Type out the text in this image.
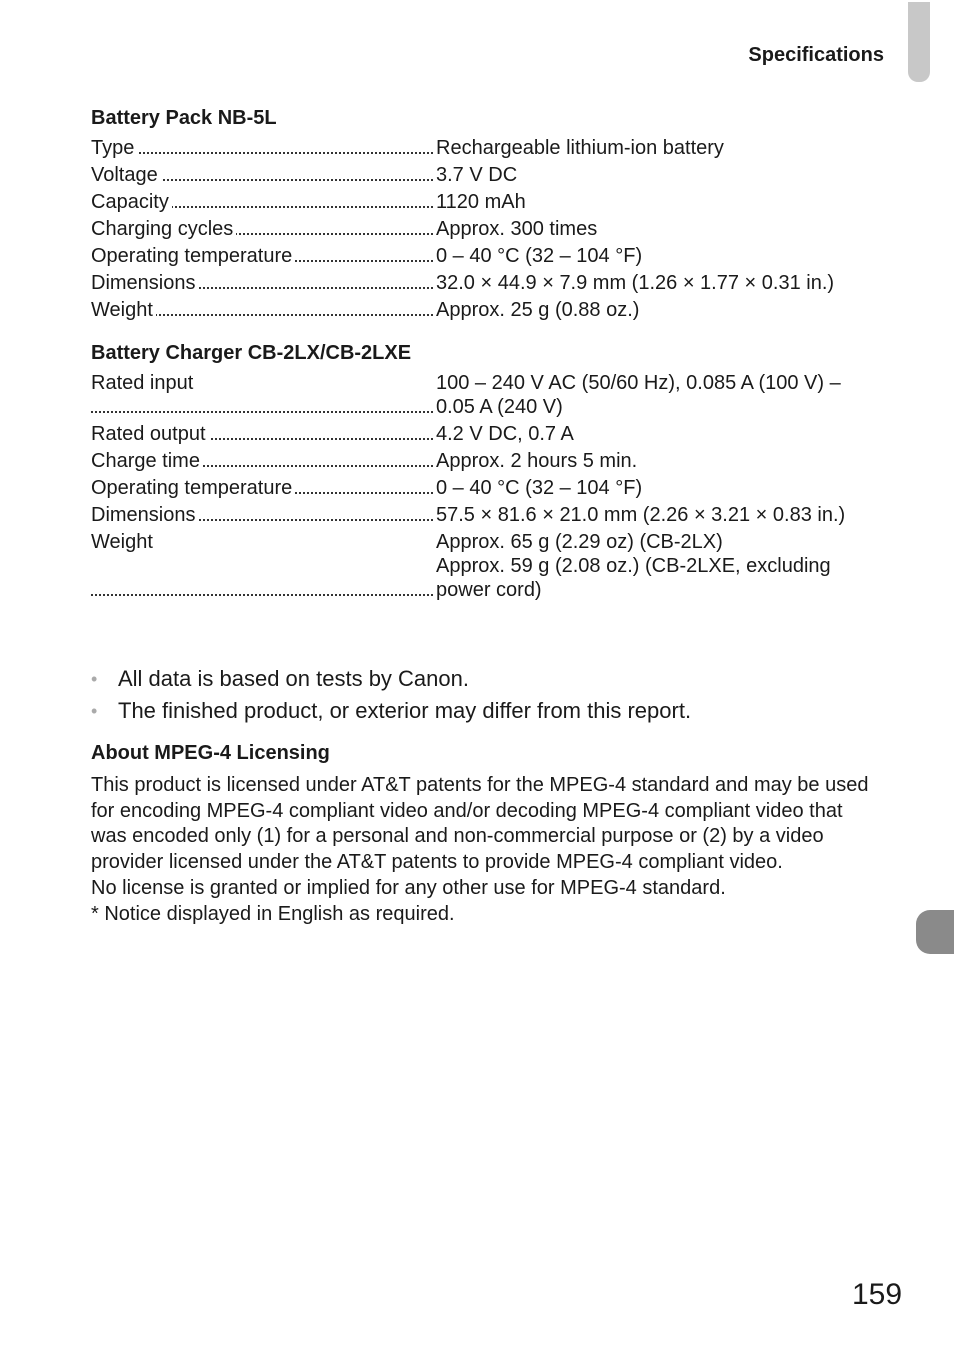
Specifications
Battery Pack NB-5L
Type	Rechargeable lithium-ion battery
Voltage	3.7 V DC
Capacity	1120 mAh
Charging cycles	Approx. 300 times
Operating temperature	0 – 40 °C (32 – 104 °F)
Dimensions	32.0 × 44.9 × 7.9 mm (1.26 × 1.77 × 0.31 in.)
Weight	Approx. 25 g (0.88 oz.)
Battery Charger CB-2LX/CB-2LXE
Rated input	100 – 240 V AC (50/60 Hz), 0.085 A (100 V) –
0.05 A (240 V)
Rated output	4.2 V DC, 0.7 A
Charge time	Approx. 2 hours 5 min.
Operating temperature	0 – 40 °C (32 – 104 °F)
Dimensions	57.5 × 81.6 × 21.0 mm (2.26 × 3.21 × 0.83 in.)
Weight	Approx. 65 g (2.29 oz) (CB-2LX)
Approx. 59 g (2.08 oz.) (CB-2LXE, excluding
power cord)
• All data is based on tests by Canon.
• The finished product, or exterior may differ from this report.
About MPEG-4 Licensing

This product is licensed under AT&T patents for the MPEG-4 standard and may be used

for encoding MPEG-4 compliant video and/or decoding MPEG-4 compliant video that

was encoded only (1) for a personal and non-commercial purpose or (2) by a video

provider licensed under the AT&T patents to provide MPEG-4 compliant video.

No license is granted or implied for any other use for MPEG-4 standard.

* Notice displayed in English as required.

159
